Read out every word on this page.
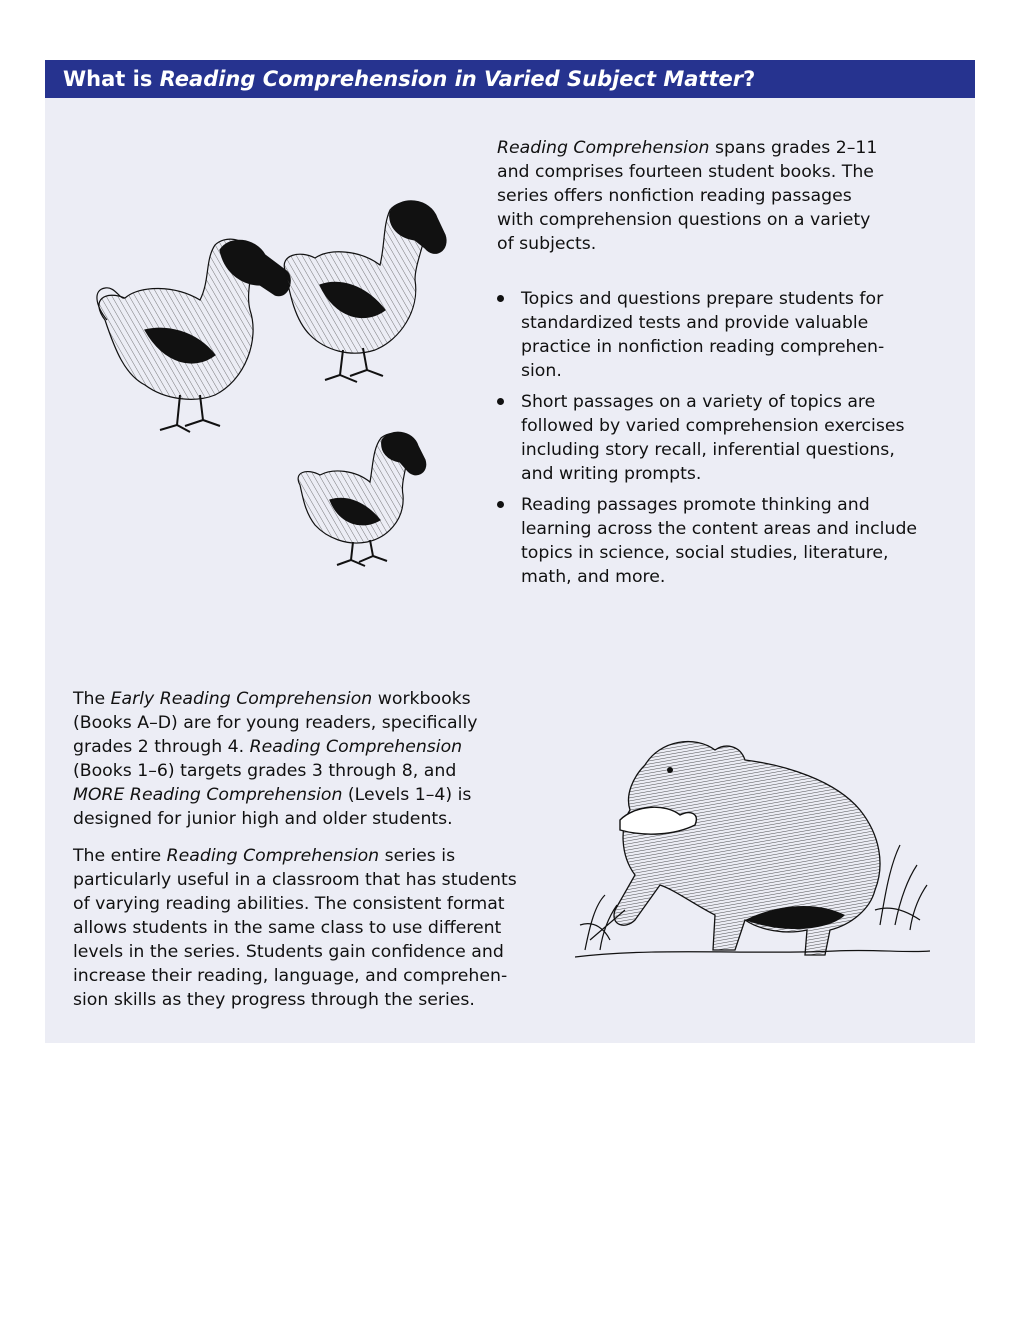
What is Reading Comprehension in Varied Subject Matter?
Reading Comprehension spans grades 2–11
and comprises fourteen student books. The
series offers nonfiction reading passages
with comprehension questions on a variety
of subjects.
Topics and questions prepare students for
standardized tests and provide valuable
practice in nonfiction reading comprehen-
sion.
Short passages on a variety of topics are
followed by varied comprehension exercises
including story recall, inferential questions,
and writing prompts.
Reading passages promote thinking and
learning across the content areas and include
topics in science, social studies, literature,
math, and more.
The Early Reading Comprehension workbooks
(Books A–D) are for young readers, specifically
grades 2 through 4. Reading Comprehension
(Books 1–6) targets grades 3 through 8, and
MORE Reading Comprehension (Levels 1–4) is
designed for junior high and older students.
The entire Reading Comprehension series is
particularly useful in a classroom that has students
of varying reading abilities. The consistent format
allows students in the same class to use different
levels in the series. Students gain confidence and
increase their reading, language, and comprehen-
sion skills as they progress through the series.
